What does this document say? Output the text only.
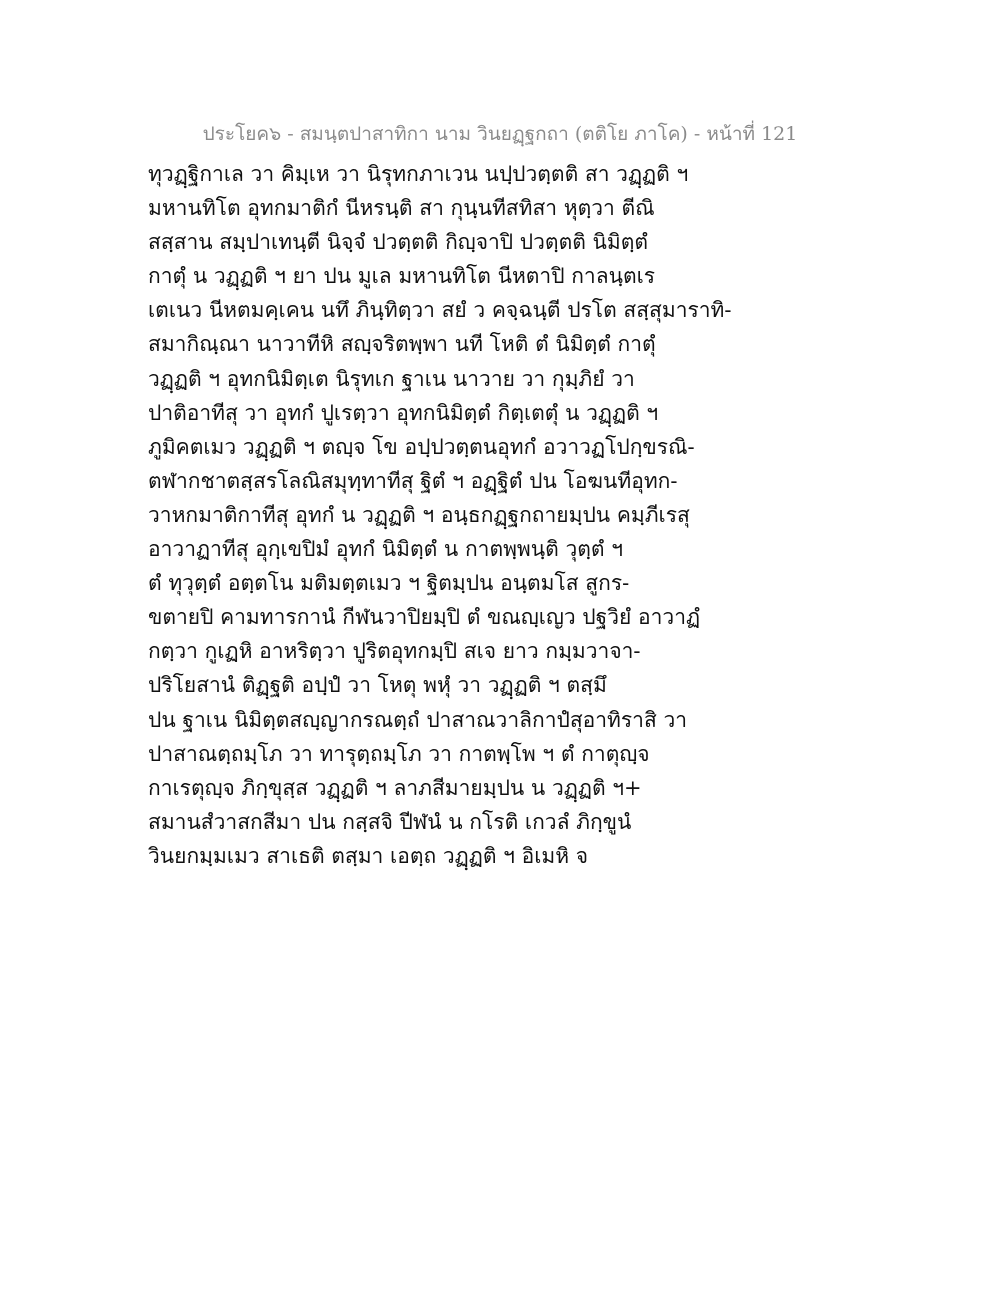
ประโยค๖ - สมนฺตปาสาทิกา นาม วินยฏฺฐกถา (ตติโย ภาโค) - หน้าที่ 121
ทุวฏฺฐิกาเล วา คิมฺเห วา นิรุทกภาเวน นปฺปวตฺตติ สา วฏฺฏติ ฯ
มหานทิโต อุทกมาติกํ นีหรนฺติ สา กุนฺนทีสทิสา หุตฺวา ตีณิ
สสฺสาน สมฺปาเทนฺตี นิจฺจํ ปวตฺตติ กิญฺจาปิ ปวตฺตติ นิมิตฺตํ
กาตุํ น วฏฺฏติ ฯ ยา ปน มูเล มหานทิโต นีหตาปิ กาลนฺตเร
เตเนว นีหตมคฺเคน นทึ ภินฺทิตฺวา สยํ ว คจฺฉนฺตี ปรโต สสฺสุมาราทิ-
สมากิณฺณา นาวาทีหิ สญฺจริตพฺพา นที โหติ ตํ นิมิตฺตํ กาตุํ
วฏฺฏติ ฯ อุทกนิมิตฺเต นิรุทเก ฐาเน นาวาย วา กุมฺภิยํ วา
ปาติอาทีสุ วา อุทกํ ปูเรตฺวา อุทกนิมิตฺตํ กิตฺเตตุํ น วฏฺฏติ ฯ
ภูมิคตเมว วฏฺฏติ ฯ ตญฺจ โข อปฺปวตฺตนอุทกํ อวาวฏโปกฺขรณิ-
ตฬากชาตสฺสรโลณิสมุทฺทาทีสุ ฐิตํ ฯ อฏฺฐิตํ ปน โอฆนทีอุทก-
วาหกมาติกาทีสุ อุทกํ น วฏฺฏติ ฯ อนฺธกฏฺฐกถายมฺปน คมฺภีเรสุ
อาวาฏาทีสุ อุกฺเขปิมํ อุทกํ นิมิตฺตํ น กาตพฺพนฺติ วุตฺตํ ฯ
ตํ ทุวุตฺตํ อตฺตโน มติมตฺตเมว ฯ ฐิตมฺปน อนฺตมโส สูกร-
ขตายปิ คามทารกานํ กีฬนวาปิยมฺปิ ตํ ขณญฺเญว ปฐวิยํ อาวาฏํ
กตฺวา กูเฏหิ อาหริตฺวา ปูริตอุทกมฺปิ สเจ ยาว กมฺมวาจา-
ปริโยสานํ ติฏฺฐติ อปฺปํ วา โหตุ พหุํ วา วฏฺฏติ ฯ ตสฺมึ
ปน ฐาเน นิมิตฺตสญฺญากรณตฺถํ ปาสาณวาลิกาปํสุอาทิราสิ วา
ปาสาณตฺถมฺโภ วา ทารุตฺถมฺโภ วา กาตพฺโพ ฯ ตํ กาตุญฺจ
กาเรตุญฺจ ภิกฺขุสฺส วฏฺฏติ ฯ ลาภสีมายมฺปน น วฏฺฏติ ฯ+
สมานสํวาสกสีมา ปน กสฺสจิ ปีฬนํ น กโรติ เกวลํ ภิกฺขูนํ
วินยกมฺมเมว สาเธติ ตสฺมา เอตฺถ วฏฺฏติ ฯ อิเมหิ จ
